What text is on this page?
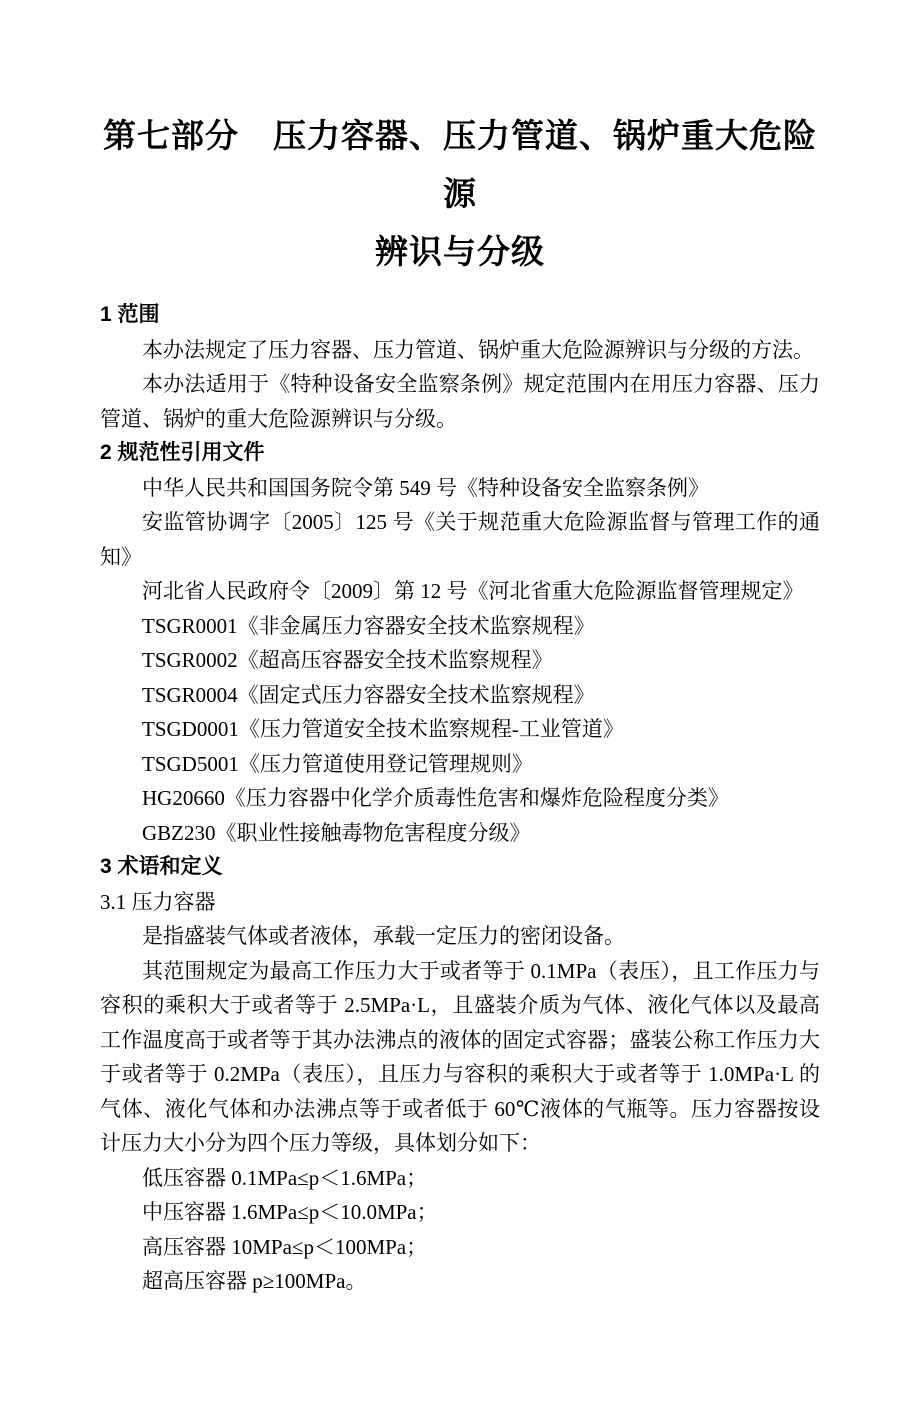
第七部分　压力容器、压力管道、锅炉重大危险源
辨识与分级

1 范围

本办法规定了压力容器、压力管道、锅炉重大危险源辨识与分级的方法。

本办法适用于《特种设备安全监察条例》规定范围内在用压力容器、压力管道、锅炉的重大危险源辨识与分级。

2 规范性引用文件

中华人民共和国国务院令第 549 号《特种设备安全监察条例》

安监管协调字〔2005〕125 号《关于规范重大危险源监督与管理工作的通知》

河北省人民政府令〔2009〕第 12 号《河北省重大危险源监督管理规定》

TSGR0001《非金属压力容器安全技术监察规程》

TSGR0002《超高压容器安全技术监察规程》

TSGR0004《固定式压力容器安全技术监察规程》

TSGD0001《压力管道安全技术监察规程-工业管道》

TSGD5001《压力管道使用登记管理规则》

HG20660《压力容器中化学介质毒性危害和爆炸危险程度分类》

GBZ230《职业性接触毒物危害程度分级》

3 术语和定义

3.1 压力容器

是指盛装气体或者液体，承载一定压力的密闭设备。

其范围规定为最高工作压力大于或者等于 0.1MPa（表压），且工作压力与容积的乘积大于或者等于 2.5MPa·L，且盛装介质为气体、液化气体以及最高工作温度高于或者等于其办法沸点的液体的固定式容器；盛装公称工作压力大于或者等于 0.2MPa（表压），且压力与容积的乘积大于或者等于 1.0MPa·L 的气体、液化气体和办法沸点等于或者低于 60℃液体的气瓶等。压力容器按设计压力大小分为四个压力等级，具体划分如下：

低压容器 0.1MPa≤p＜1.6MPa；

中压容器 1.6MPa≤p＜10.0MPa；

高压容器 10MPa≤p＜100MPa；

超高压容器 p≥100MPa。
